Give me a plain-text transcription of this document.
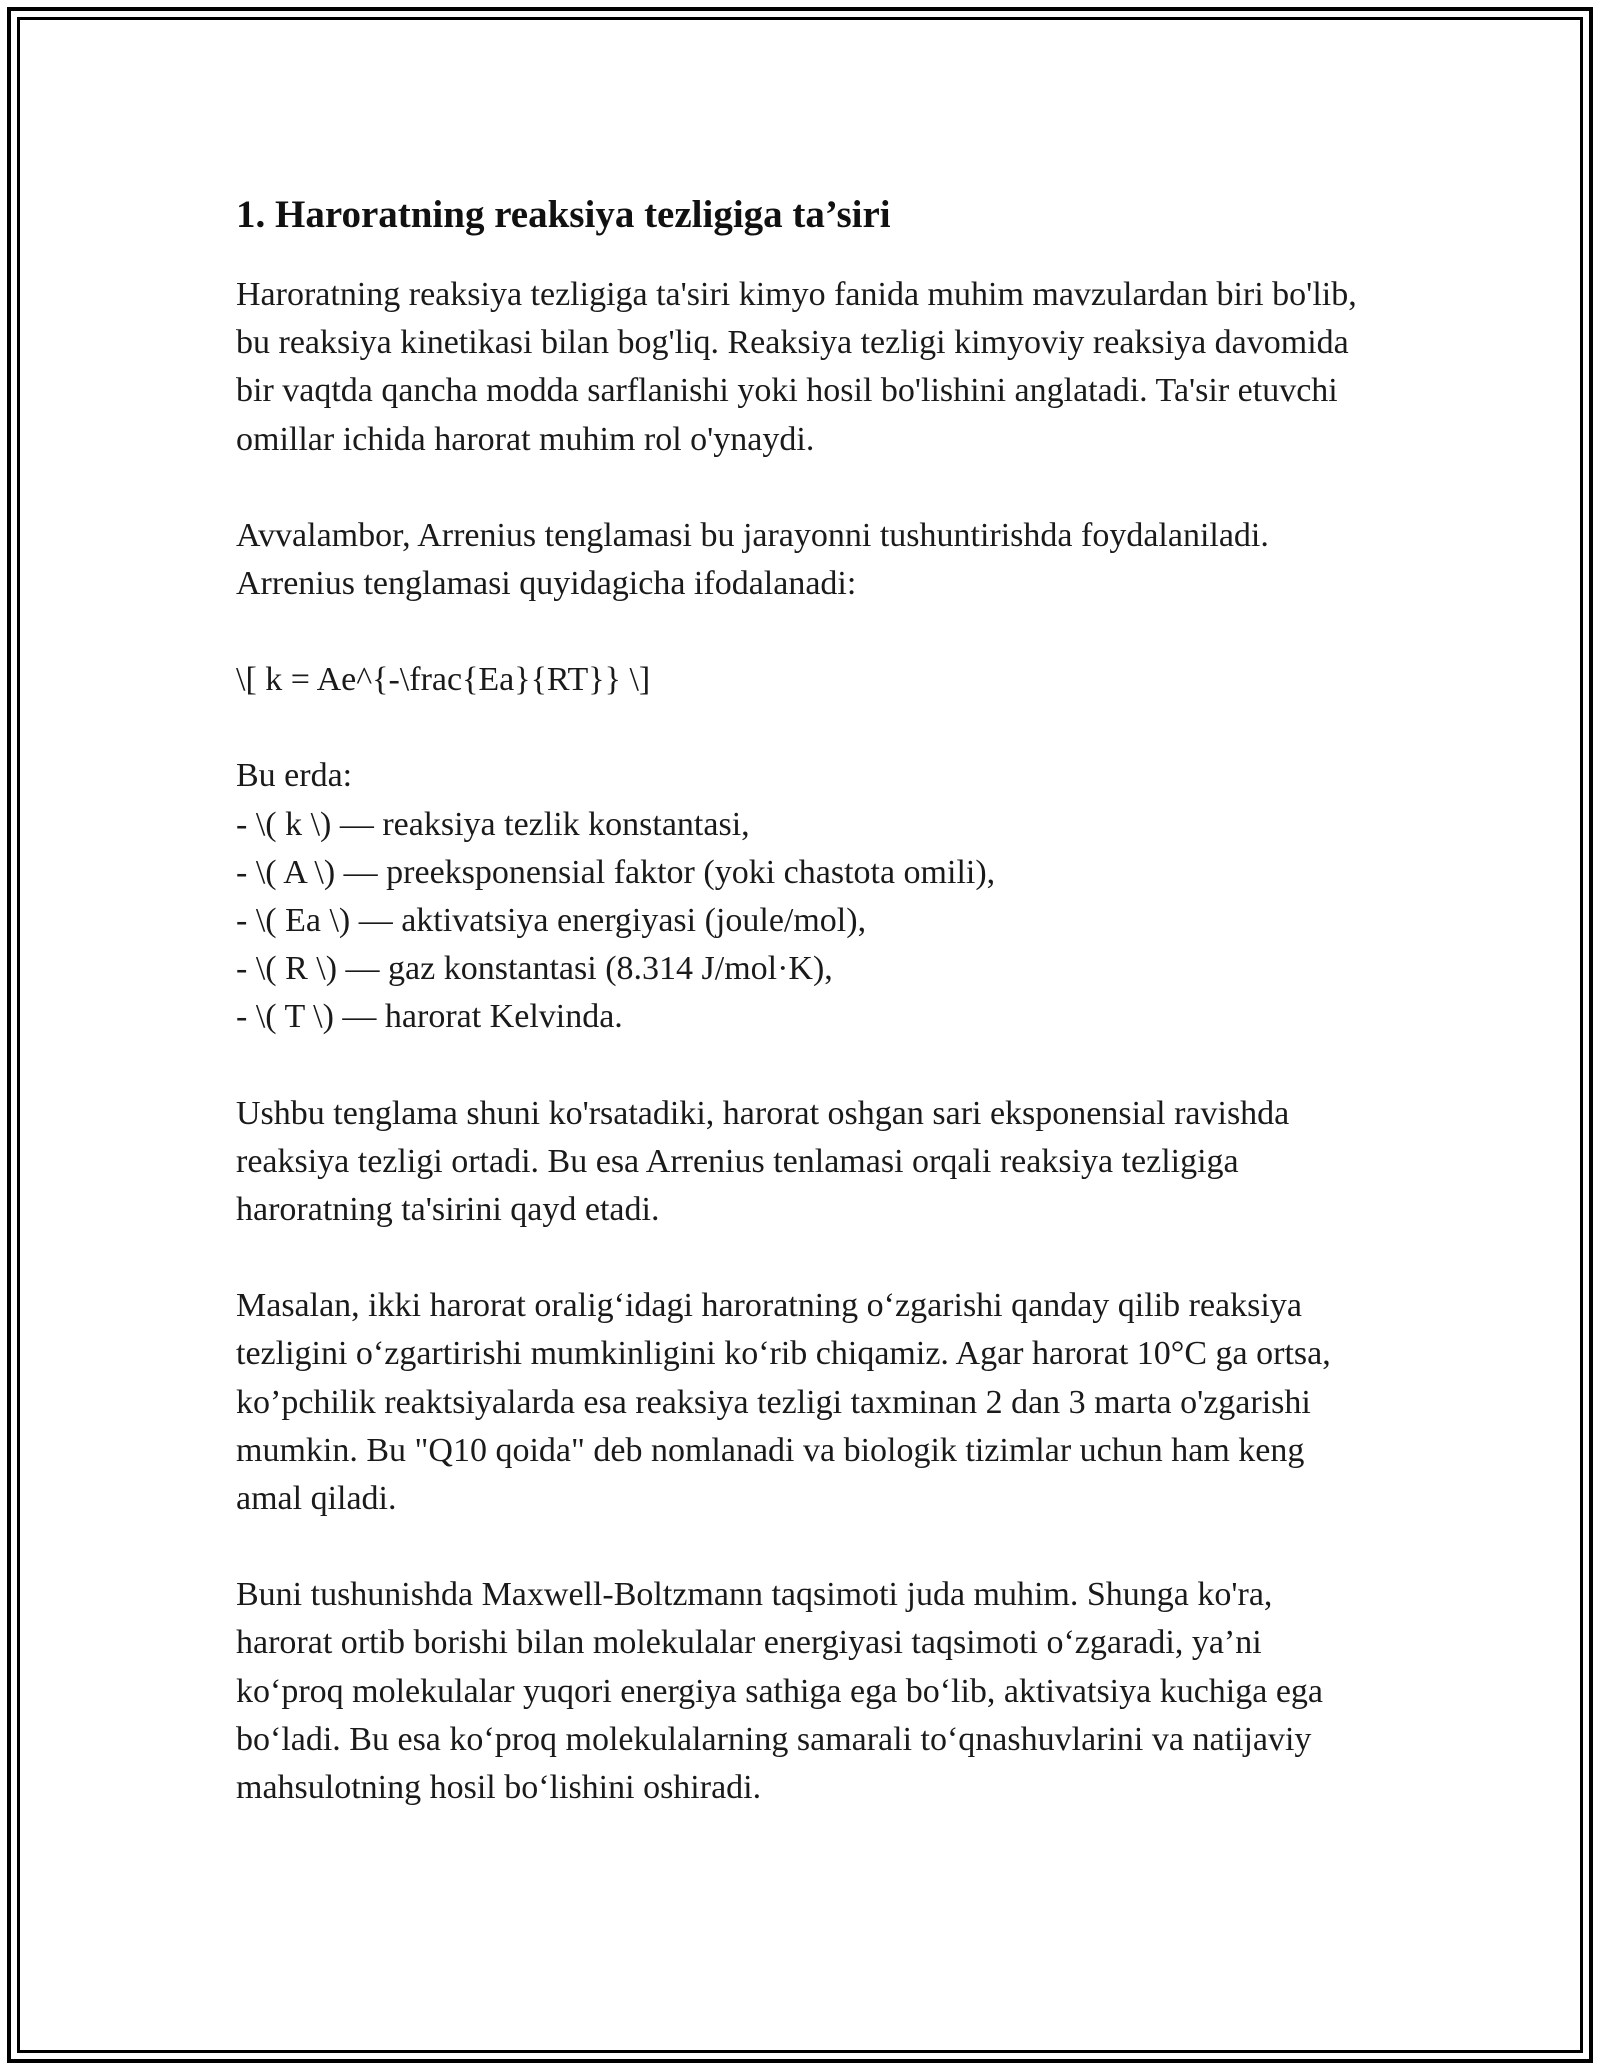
1. Haroratning reaksiya tezligiga ta’siri

Haroratning reaksiya tezligiga ta'siri kimyo fanida muhim mavzulardan biri bo'lib, bu reaksiya kinetikasi bilan bog'liq. Reaksiya tezligi kimyoviy reaksiya davomida bir vaqtda qancha modda sarflanishi yoki hosil bo'lishini anglatadi. Ta'sir etuvchi omillar ichida harorat muhim rol o'ynaydi.

Avvalambor, Arrenius tenglamasi bu jarayonni tushuntirishda foydalaniladi. Arrenius tenglamasi quyidagicha ifodalanadi:

\[ k = Ae^{-\frac{Ea}{RT}} \]

Bu erda:
- \( k \) — reaksiya tezlik konstantasi,
- \( A \) — preeksponensial faktor (yoki chastota omili),
- \( Ea \) — aktivatsiya energiyasi (joule/mol),
- \( R \) — gaz konstantasi (8.314 J/mol·K),
- \( T \) — harorat Kelvinda.

Ushbu tenglama shuni ko'rsatadiki, harorat oshgan sari eksponensial ravishda reaksiya tezligi ortadi. Bu esa Arrenius tenlamasi orqali reaksiya tezligiga haroratning ta'sirini qayd etadi.

Masalan, ikki harorat oralig‘idagi haroratning o‘zgarishi qanday qilib reaksiya tezligini o‘zgartirishi mumkinligini ko‘rib chiqamiz. Agar harorat 10°C ga ortsa, ko’pchilik reaktsiyalarda esa reaksiya tezligi taxminan 2 dan 3 marta o'zgarishi mumkin. Bu "Q10 qoida" deb nomlanadi va biologik tizimlar uchun ham keng amal qiladi.

Buni tushunishda Maxwell-Boltzmann taqsimoti juda muhim. Shunga ko'ra, harorat ortib borishi bilan molekulalar energiyasi taqsimoti o‘zgaradi, ya’ni ko‘proq molekulalar yuqori energiya sathiga ega bo‘lib, aktivatsiya kuchiga ega bo‘ladi. Bu esa ko‘proq molekulalarning samarali to‘qnashuvlarini va natijaviy mahsulotning hosil bo‘lishini oshiradi.
